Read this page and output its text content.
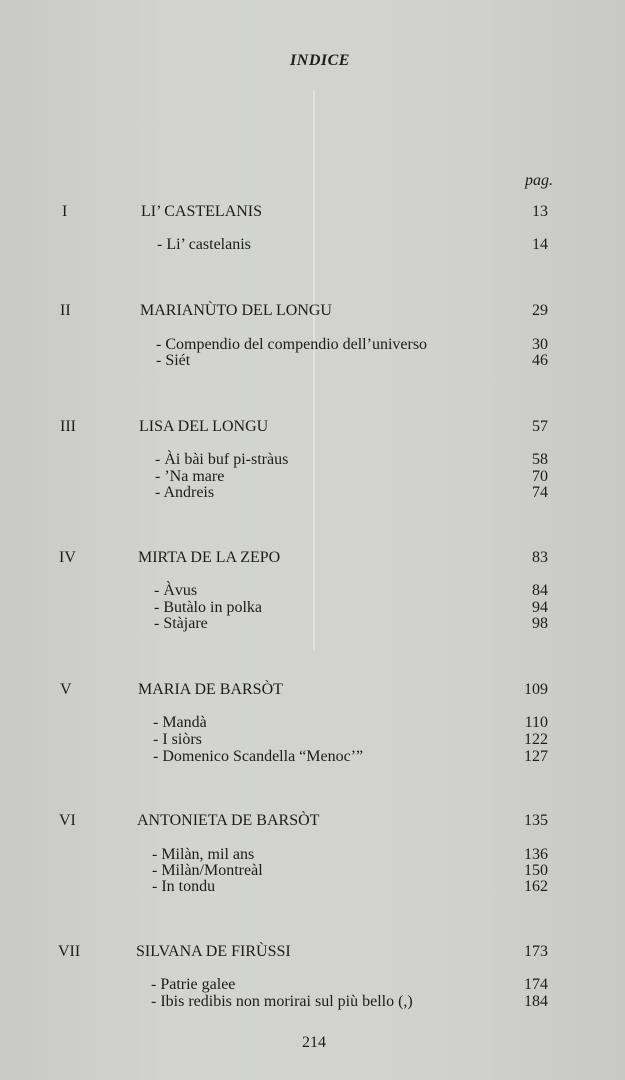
INDICE
pag.
I	LI’ CASTELANIS	13
- Li’ castelanis	14
II	MARIANÙTO DEL LONGU	29
- Compendio del compendio dell’universo	30
- Siét	46
III	LISA DEL LONGU	57
- Ài bài buf pi-stràus	58
- ’Na mare	70
- Andreis	74
IV	MIRTA DE LA ZEPO	83
- Àvus	84
- Butàlo in polka	94
- Stàjare	98
V	MARIA DE BARSÒT	109
- Mandà	110
- I siòrs	122
- Domenico Scandella “Menoc’”	127
VI	ANTONIETA DE BARSÒT	135
- Milàn, mil ans	136
- Milàn/Montreàl	150
- In tondu	162
VII	SILVANA DE FIRÙSSI	173
- Patrie galee	174
- Ibis redibis non morirai sul più bello (,)	184
214
